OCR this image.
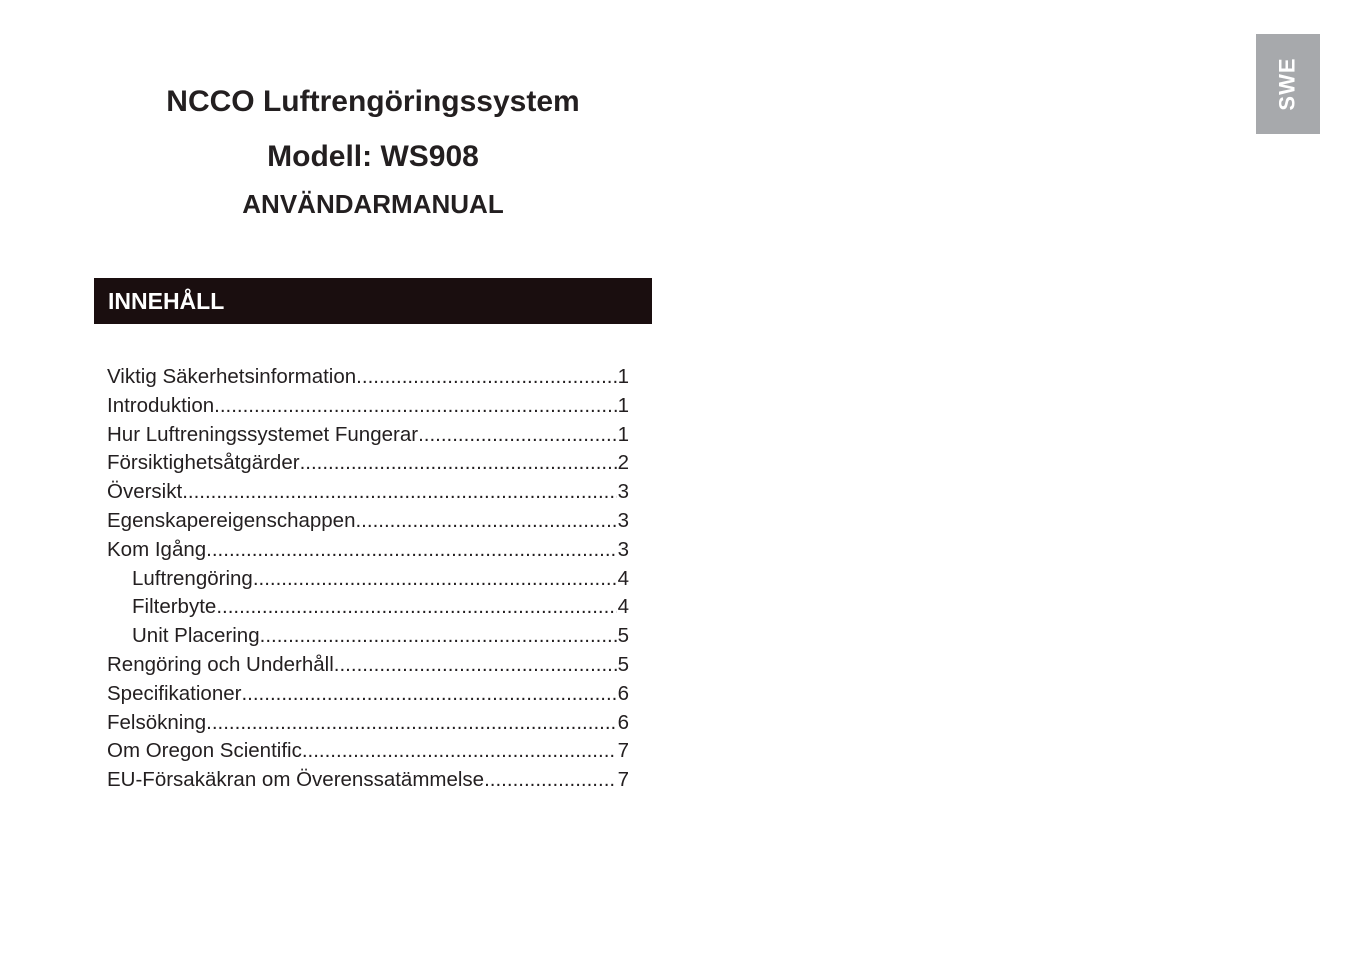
SWE
NCCO Luftrengöringssystem
Modell: WS908
ANVÄNDARMANUAL
INNEHÅLL
Viktig Säkerhetsinformation .....	1
Introduktion .....	1
Hur Luftreningssystemet Fungerar .....	1
Försiktighetsåtgärder .....	2
Översikt .....	3
Egenskapereigenschappen .....	3
Kom Igång .....	3
Luftrengöring .....	4
Filterbyte .....	4
Unit Placering .....	5
Rengöring och Underhåll .....	5
Specifikationer .....	6
Felsökning .....	6
Om Oregon Scientific .....	7
EU-Försakäkran om Överenssatämmelse .....	7
